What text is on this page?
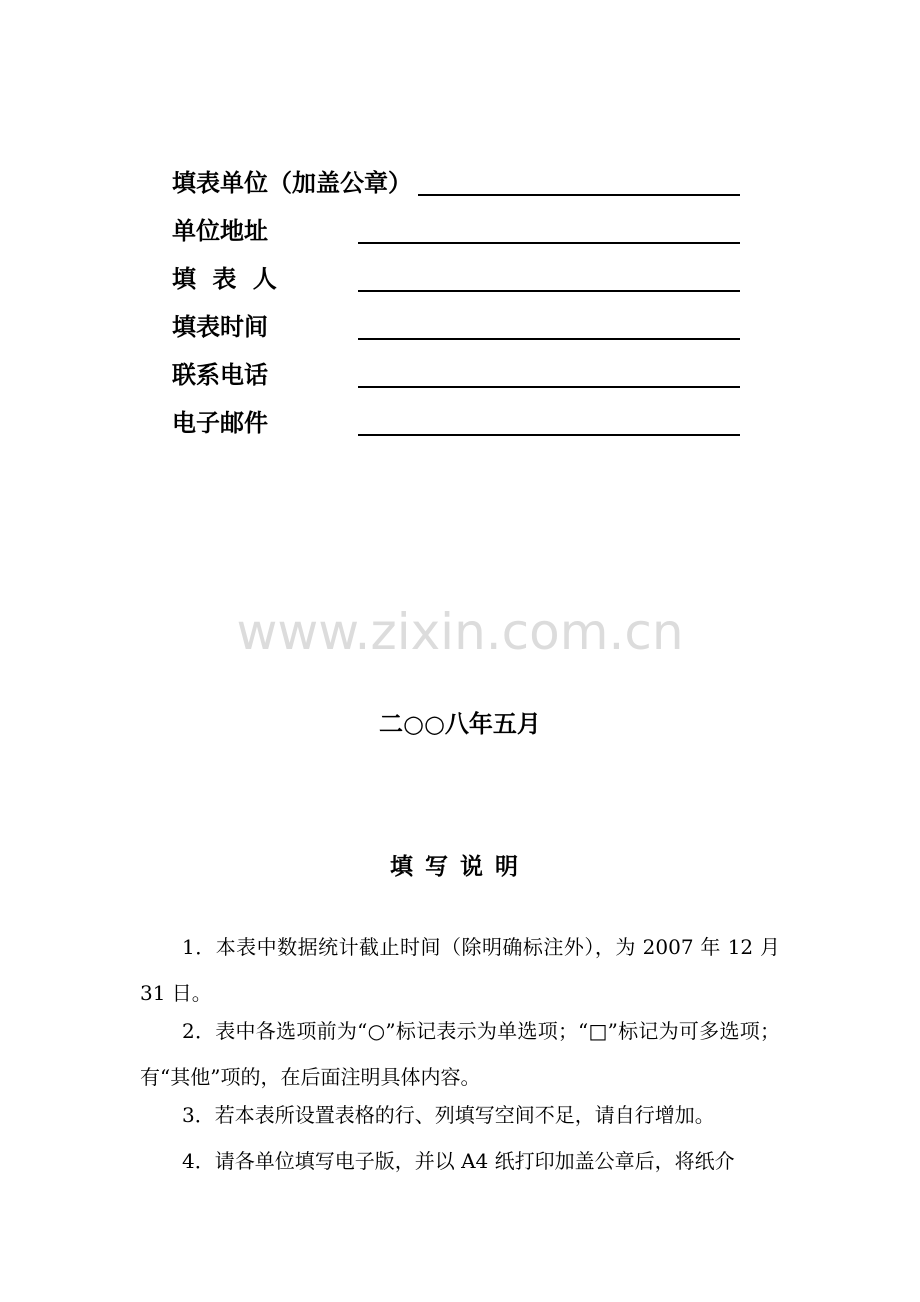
填表单位（加盖公章）
单位地址
填 表 人
填表时间
联系电话
电子邮件
www.zixin.com.cn
二○○八年五月
填写说明

1．本表中数据统计截止时间（除明确标注外），为 2007 年 12 月 31 日。

2．表中各选项前为“○”标记表示为单选项；“□”标记为可多选项；有“其他”项的，在后面注明具体内容。

3．若本表所设置表格的行、列填写空间不足，请自行增加。

4．请各单位填写电子版，并以 A4 纸打印加盖公章后，将纸介
